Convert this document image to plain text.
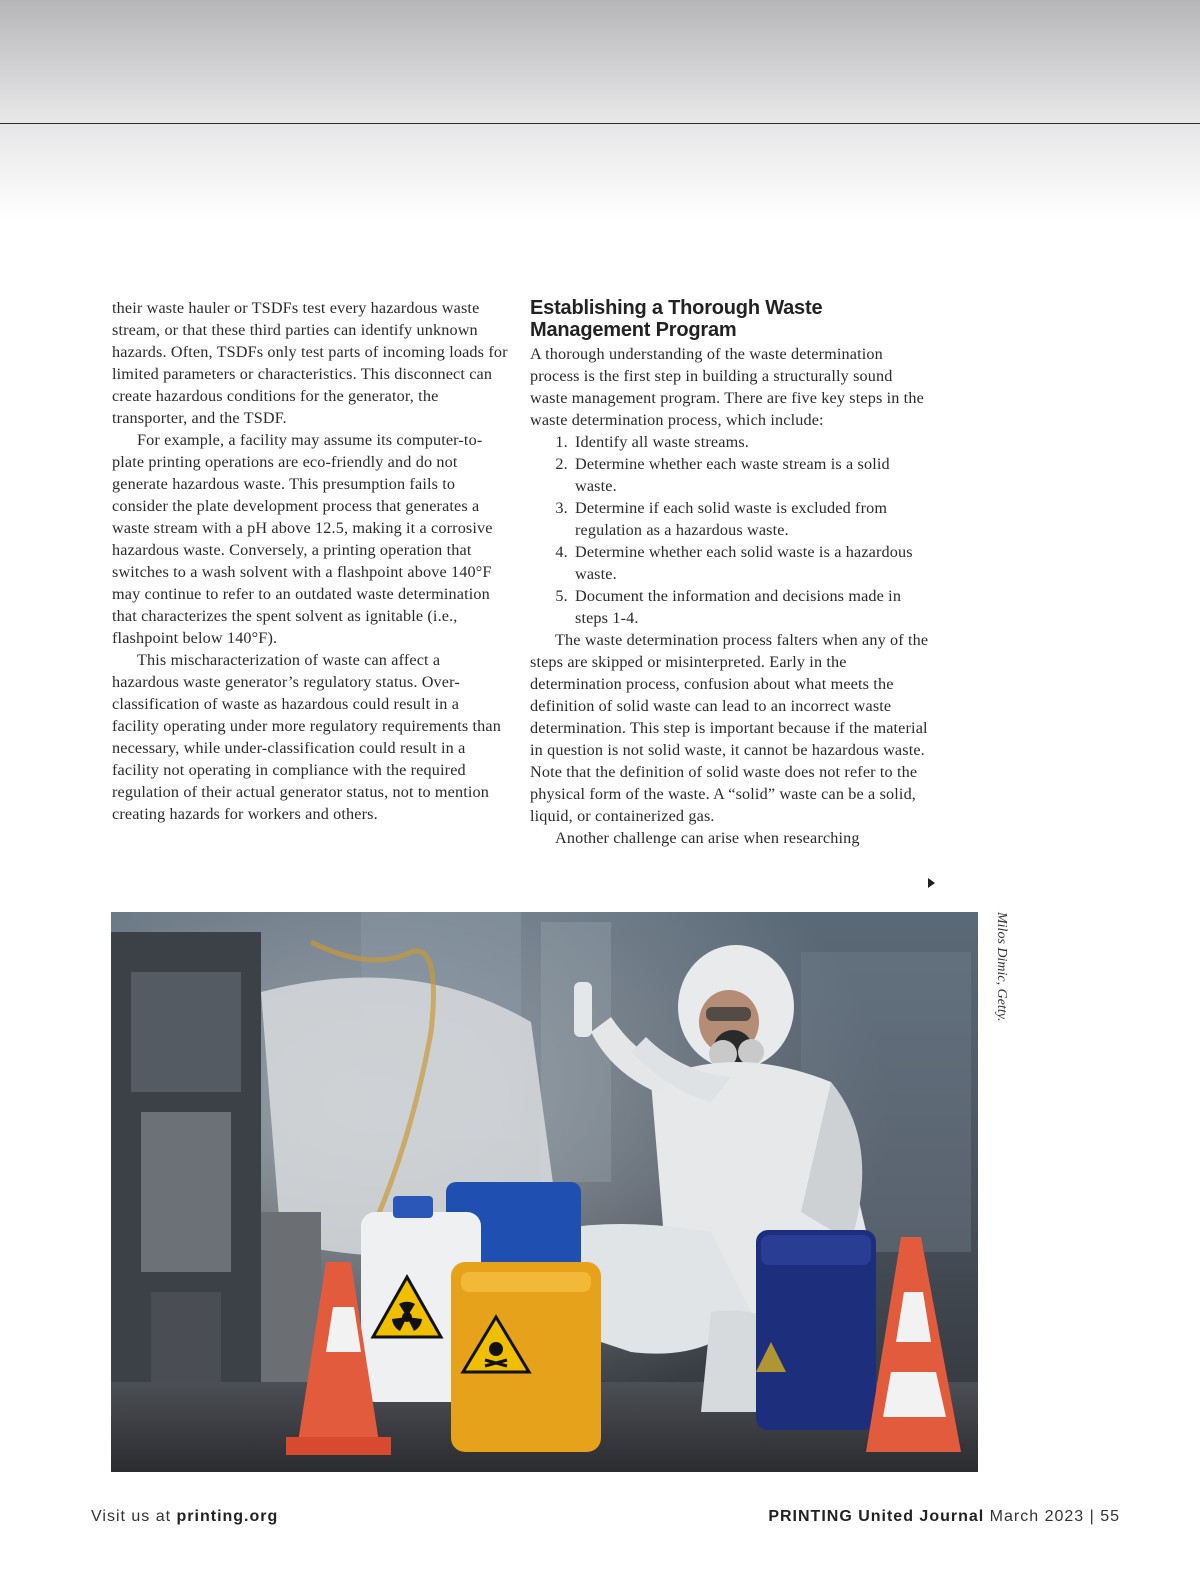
their waste hauler or TSDFs test every hazardous waste stream, or that these third parties can identify unknown hazards. Often, TSDFs only test parts of incoming loads for limited parameters or characteristics. This disconnect can create hazardous conditions for the generator, the transporter, and the TSDF.

For example, a facility may assume its computer-to-plate printing operations are eco-friendly and do not generate hazardous waste. This presumption fails to consider the plate development process that generates a waste stream with a pH above 12.5, making it a corrosive hazardous waste. Conversely, a printing operation that switches to a wash solvent with a flashpoint above 140°F may continue to refer to an outdated waste determination that characterizes the spent solvent as ignitable (i.e., flashpoint below 140°F).

This mischaracterization of waste can affect a hazardous waste generator’s regulatory status. Over-classification of waste as hazardous could result in a facility operating under more regulatory requirements than necessary, while under-classification could result in a facility not operating in compliance with the required regulation of their actual generator status, not to mention creating hazards for workers and others.

Establishing a Thorough Waste Management Program

A thorough understanding of the waste determination process is the first step in building a structurally sound waste management program. There are five key steps in the waste determination process, which include:

1. Identify all waste streams.
2. Determine whether each waste stream is a solid waste.
3. Determine if each solid waste is excluded from regulation as a hazardous waste.
4. Determine whether each solid waste is a hazardous waste.
5. Document the information and decisions made in steps 1-4.

The waste determination process falters when any of the steps are skipped or misinterpreted. Early in the determination process, confusion about what meets the definition of solid waste can lead to an incorrect waste determination. This step is important because if the material in question is not solid waste, it cannot be hazardous waste. Note that the definition of solid waste does not refer to the physical form of the waste. A “solid” waste can be a solid, liquid, or containerized gas.

Another challenge can arise when researching

Milos Dimic, Getty.
Visit us at printing.org	PRINTING United Journal March 2023 | 55
